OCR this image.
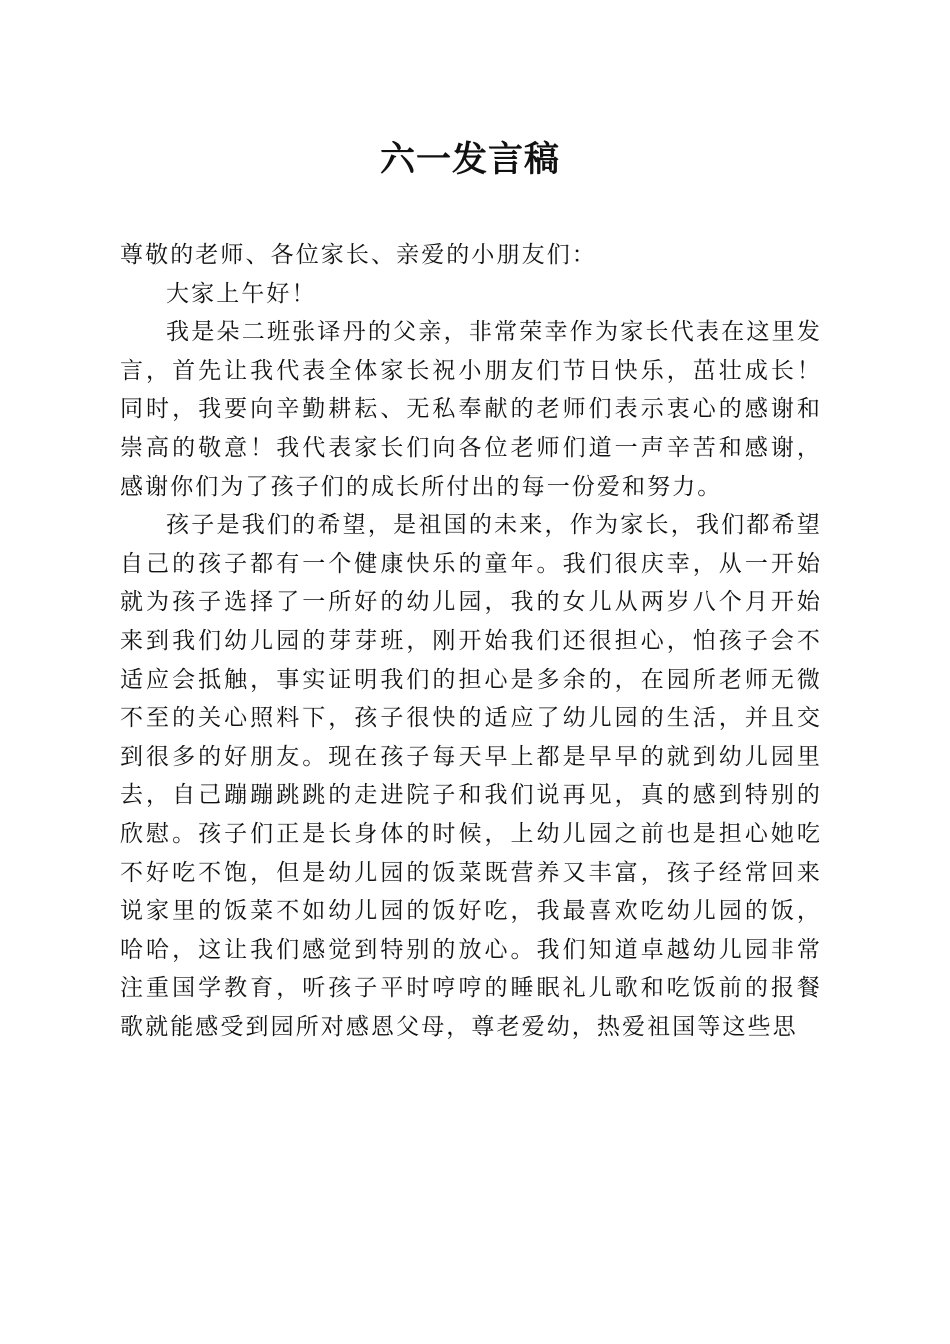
六一发言稿

尊敬的老师、各位家长、亲爱的小朋友们：

大家上午好！

我是朵二班张译丹的父亲，非常荣幸作为家长代表在这里发言，首先让我代表全体家长祝小朋友们节日快乐，茁壮成长！同时，我要向辛勤耕耘、无私奉献的老师们表示衷心的感谢和崇高的敬意！我代表家长们向各位老师们道一声辛苦和感谢，感谢你们为了孩子们的成长所付出的每一份爱和努力。

孩子是我们的希望，是祖国的未来，作为家长，我们都希望自己的孩子都有一个健康快乐的童年。我们很庆幸，从一开始就为孩子选择了一所好的幼儿园，我的女儿从两岁八个月开始来到我们幼儿园的芽芽班，刚开始我们还很担心，怕孩子会不适应会抵触，事实证明我们的担心是多余的，在园所老师无微不至的关心照料下，孩子很快的适应了幼儿园的生活，并且交到很多的好朋友。现在孩子每天早上都是早早的就到幼儿园里去，自己蹦蹦跳跳的走进院子和我们说再见，真的感到特别的欣慰。孩子们正是长身体的时候，上幼儿园之前也是担心她吃不好吃不饱，但是幼儿园的饭菜既营养又丰富，孩子经常回来说家里的饭菜不如幼儿园的饭好吃，我最喜欢吃幼儿园的饭，哈哈，这让我们感觉到特别的放心。我们知道卓越幼儿园非常注重国学教育，听孩子平时哼哼的睡眠礼儿歌和吃饭前的报餐歌就能感受到园所对感恩父母，尊老爱幼，热爱祖国等这些思
